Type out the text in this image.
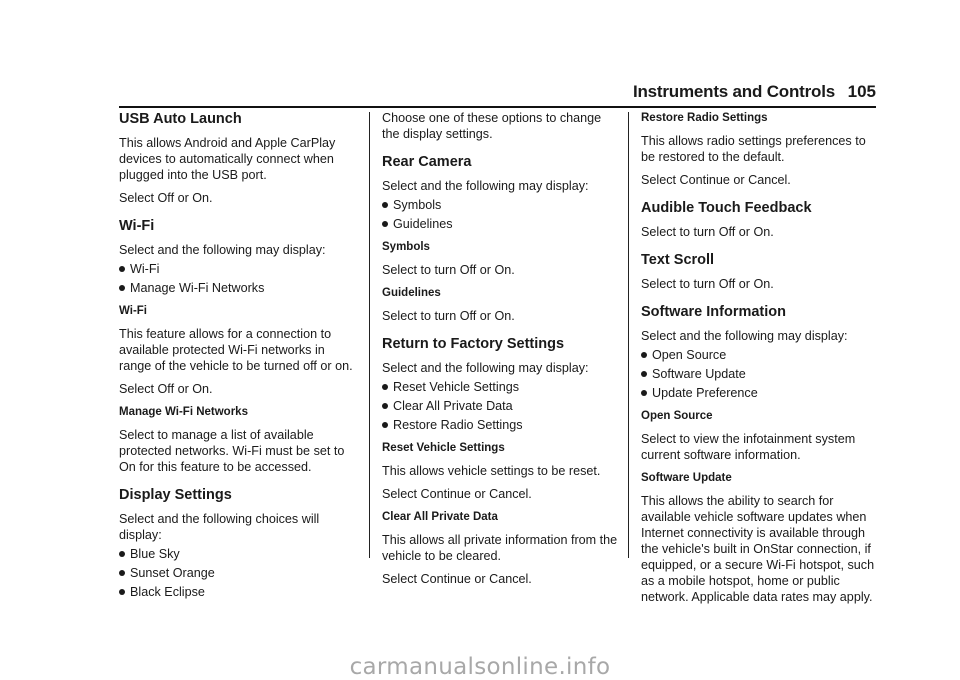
Instruments and Controls 105
USB Auto Launch

This allows Android and Apple CarPlay devices to automatically connect when plugged into the USB port.

Select Off or On.

Wi-Fi

Select and the following may display:

Wi-Fi
Manage Wi-Fi Networks

Wi-Fi

This feature allows for a connection to available protected Wi-Fi networks in range of the vehicle to be turned off or on.

Select Off or On.

Manage Wi-Fi Networks

Select to manage a list of available protected networks. Wi-Fi must be set to On for this feature to be accessed.

Display Settings

Select and the following choices will display:

Blue Sky
Sunset Orange
Black Eclipse

Choose one of these options to change the display settings.

Rear Camera

Select and the following may display:

Symbols
Guidelines

Symbols

Select to turn Off or On.

Guidelines

Select to turn Off or On.

Return to Factory Settings

Select and the following may display:

Reset Vehicle Settings
Clear All Private Data
Restore Radio Settings

Reset Vehicle Settings

This allows vehicle settings to be reset.

Select Continue or Cancel.

Clear All Private Data

This allows all private information from the vehicle to be cleared.

Select Continue or Cancel.

Restore Radio Settings

This allows radio settings preferences to be restored to the default.

Select Continue or Cancel.

Audible Touch Feedback

Select to turn Off or On.

Text Scroll

Select to turn Off or On.

Software Information

Select and the following may display:

Open Source
Software Update
Update Preference

Open Source

Select to view the infotainment system current software information.

Software Update

This allows the ability to search for available vehicle software updates when Internet connectivity is available through the vehicle's built in OnStar connection, if equipped, or a secure Wi-Fi hotspot, such as a mobile hotspot, home or public network. Applicable data rates may apply.

carmanualsonline.info
